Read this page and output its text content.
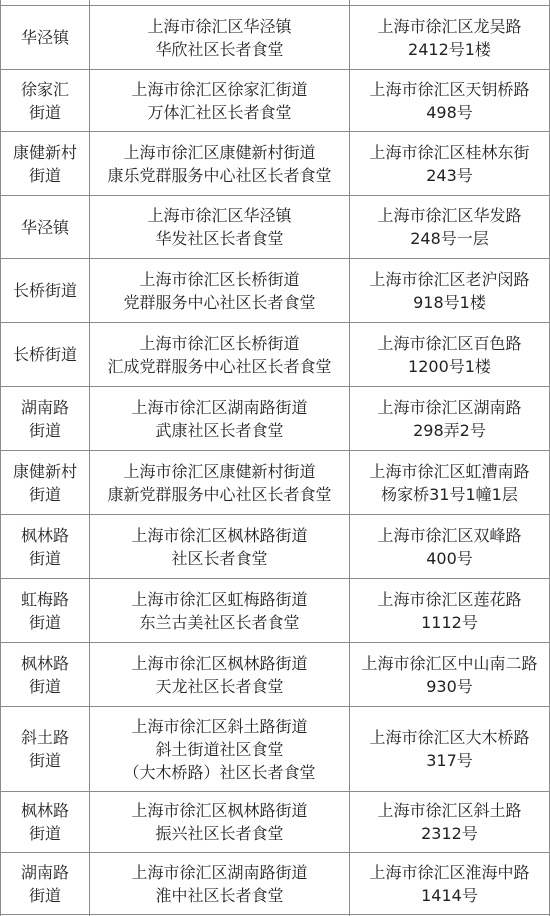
华泾镇
上海市徐汇区华泾镇
华欣社区长者食堂
上海市徐汇区龙吴路
2412号1楼
徐家汇
街道
上海市徐汇区徐家汇街道
万体汇社区长者食堂
上海市徐汇区天钥桥路
498号
康健新村
街道
上海市徐汇区康健新村街道
康乐党群服务中心社区长者食堂
上海市徐汇区桂林东街
243号
华泾镇
上海市徐汇区华泾镇
华发社区长者食堂
上海市徐汇区华发路
248号一层
长桥街道
上海市徐汇区长桥街道
党群服务中心社区长者食堂
上海市徐汇区老沪闵路
918号1楼
长桥街道
上海市徐汇区长桥街道
汇成党群服务中心社区长者食堂
上海市徐汇区百色路
1200号1楼
湖南路
街道
上海市徐汇区湖南路街道
武康社区长者食堂
上海市徐汇区湖南路
298弄2号
康健新村
街道
上海市徐汇区康健新村街道
康新党群服务中心社区长者食堂
上海市徐汇区虹漕南路
杨家桥31号1幢1层
枫林路
街道
上海市徐汇区枫林路街道
社区长者食堂
上海市徐汇区双峰路
400号
虹梅路
街道
上海市徐汇区虹梅路街道
东兰古美社区长者食堂
上海市徐汇区莲花路
1112号
枫林路
街道
上海市徐汇区枫林路街道
天龙社区长者食堂
上海市徐汇区中山南二路
930号
斜土路
街道
上海市徐汇区斜土路街道
斜土街道社区食堂
（大木桥路）社区长者食堂
上海市徐汇区大木桥路
317号
枫林路
街道
上海市徐汇区枫林路街道
振兴社区长者食堂
上海市徐汇区斜土路
2312号
湖南路
街道
上海市徐汇区湖南路街道
淮中社区长者食堂
上海市徐汇区淮海中路
1414号
